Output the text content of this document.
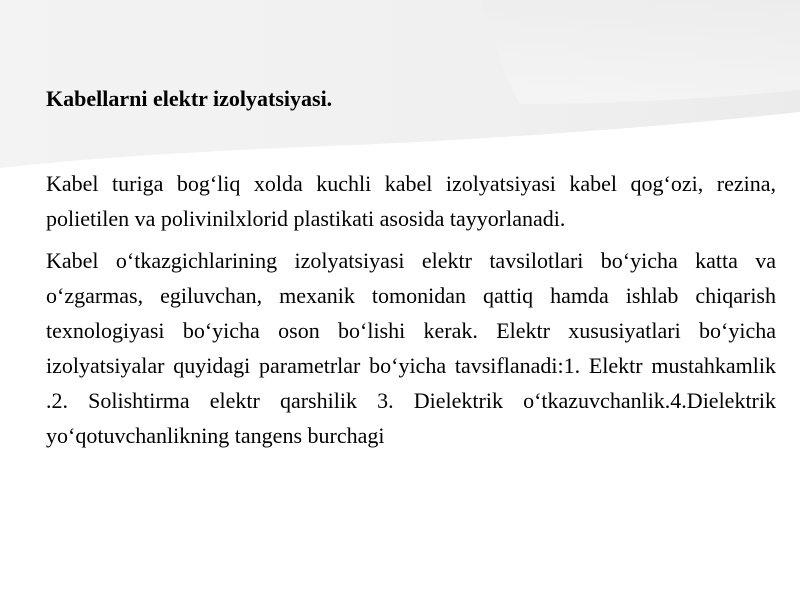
Kabellarni elektr izolyatsiyasi.

Kabel turiga bog‘liq xolda kuchli kabel izolyatsiyasi kabel qog‘ozi, rezina, polietilen va polivinilxlorid plastikati asosida tayyorlanadi.

Kabel o‘tkazgichlarining izolyatsiyasi elektr tavsilotlari bo‘yicha katta va o‘zgarmas, egiluvchan, mexanik tomonidan qattiq hamda ishlab chiqarish texnologiyasi bo‘yicha oson bo‘lishi kerak. Elektr xususiyatlari bo‘yicha izolyatsiyalar quyidagi parametrlar bo‘yicha tavsiflanadi:1. Elektr mustahkamlik .2. Solishtirma elektr qarshilik 3. Dielektrik o‘tkazuvchanlik.4.Dielektrik yo‘qotuvchanlikning tangens burchagi
